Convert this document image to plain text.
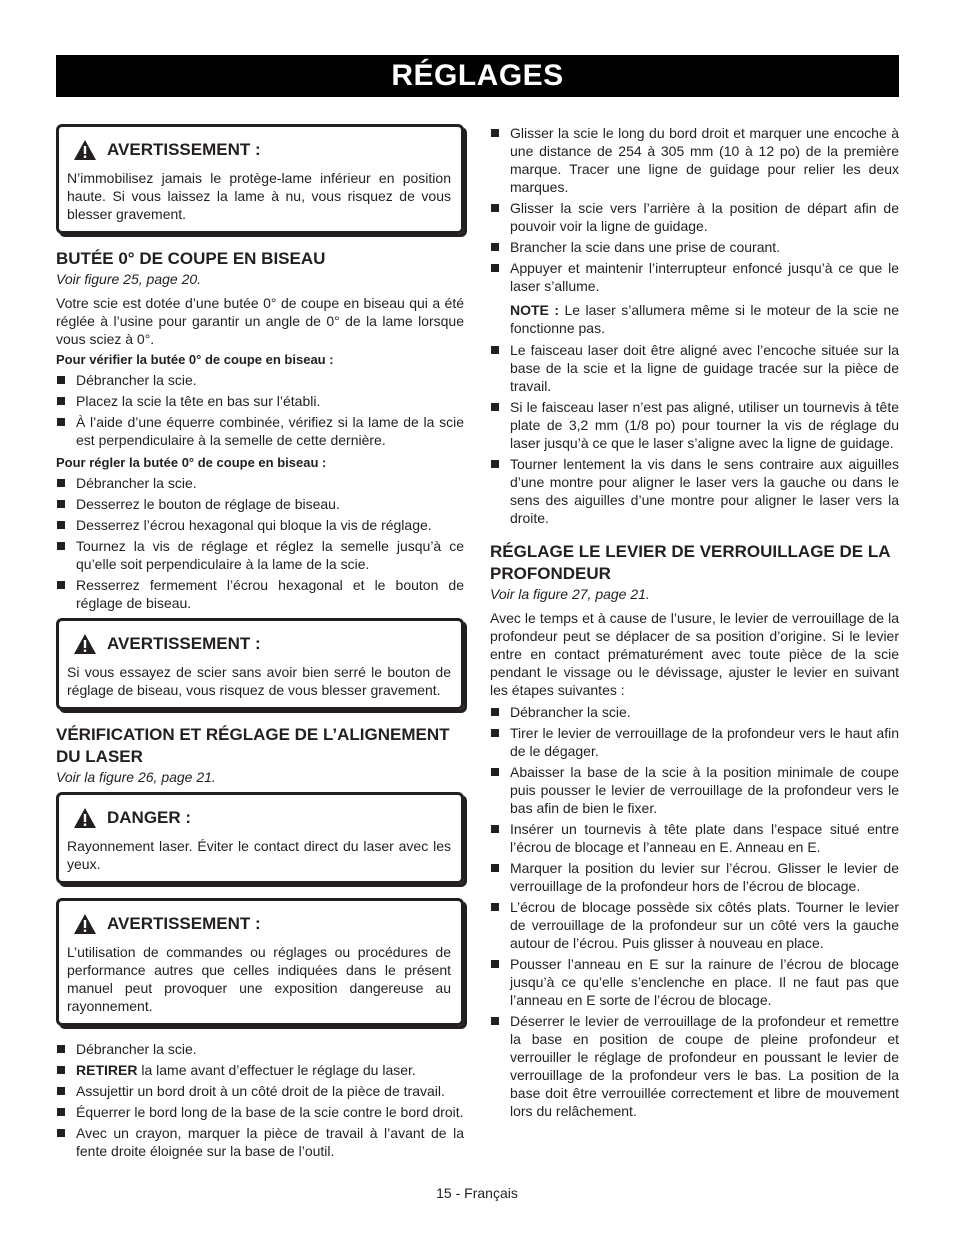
RÉGLAGES
AVERTISSEMENT :
N’immobilisez jamais le protège-lame inférieur en position haute. Si vous laissez la lame à nu, vous risquez de vous blesser gravement.
BUTÉE 0° DE COUPE EN BISEAU
Voir figure 25, page 20.

Votre scie est dotée d’une butée 0° de coupe en biseau qui a été réglée à l’usine pour garantir un angle de 0° de la lame lorsque vous sciez à 0°.

Pour vérifier la butée 0° de coupe en biseau :
Débrancher la scie.
Placez la scie la tête en bas sur l’établi.
À l’aide d’une équerre combinée, vérifiez si la lame de la scie est perpendiculaire à la semelle de cette dernière.
Pour régler la butée 0° de coupe en biseau :
Débrancher la scie.
Desserrez le bouton de réglage de biseau.
Desserrez l’écrou hexagonal qui bloque la vis de réglage.
Tournez la vis de réglage et réglez la semelle jusqu’à ce qu’elle soit perpendiculaire à la lame de la scie.
Resserrez fermement l’écrou hexagonal et le bouton de réglage de biseau.
AVERTISSEMENT :
Si vous essayez de scier sans avoir bien serré le bouton de réglage de biseau, vous risquez de vous blesser gravement.
VÉRIFICATION ET RÉGLAGE DE L’ALIGNEMENT DU LASER
Voir la figure 26, page 21.
DANGER :
Rayonnement laser. Éviter le contact direct du laser avec les yeux.
AVERTISSEMENT :
L’utilisation de commandes ou réglages ou procédures de performance autres que celles indiquées dans le présent manuel peut provoquer une exposition dangereuse au rayonnement.
Débrancher la scie.
RETIRER la lame avant d’effectuer le réglage du laser.
Assujettir un bord droit à un côté droit de la pièce de travail.
Équerrer le bord long de la base de la scie contre le bord droit.
Avec un crayon, marquer la pièce de travail à l’avant de la fente droite éloignée sur la base de l’outil.
Glisser la scie le long du bord droit et marquer une encoche à une distance de 254 à 305 mm (10 à 12 po) de la première marque. Tracer une ligne de guidage pour relier les deux marques.
Glisser la scie vers l’arrière à la position de départ afin de pouvoir voir la ligne de guidage.
Brancher la scie dans une prise de courant.
Appuyer et maintenir l’interrupteur enfoncé jusqu’à ce que le laser s’allume.
NOTE : Le laser s’allumera même si le moteur de la scie ne fonctionne pas.
Le faisceau laser doit être aligné avec l’encoche située sur la base de la scie et la ligne de guidage tracée sur la pièce de travail.
Si le faisceau laser n’est pas aligné, utiliser un tournevis à tête plate de 3,2 mm (1/8 po) pour tourner la vis de réglage du laser jusqu’à ce que le laser s’aligne avec la ligne de guidage.
Tourner lentement la vis dans le sens contraire aux aiguilles d’une montre pour aligner le laser vers la gauche ou dans le sens des aiguilles d’une montre pour aligner le laser vers la droite.
RÉGLAGE LE LEVIER DE VERROUILLAGE DE LA PROFONDEUR
Voir la figure 27, page 21.

Avec le temps et à cause de l’usure, le levier de verrouillage de la profondeur peut se déplacer de sa position d’origine. Si le levier entre en contact prématurément avec toute pièce de la scie pendant le vissage ou le dévissage, ajuster le levier en suivant les étapes suivantes :

Débrancher la scie.
Tirer le levier de verrouillage de la profondeur vers le haut afin de le dégager.
Abaisser la base de la scie à la position minimale de coupe puis pousser le levier de verrouillage de la profondeur vers le bas afin de bien le fixer.
Insérer un tournevis à tête plate dans l’espace situé entre l’écrou de blocage et l’anneau en E. Anneau en E.
Marquer la position du levier sur l’écrou. Glisser le levier de verrouillage de la profondeur hors de l’écrou de blocage.
L’écrou de blocage possède six côtés plats. Tourner le levier de verrouillage de la profondeur sur un côté vers la gauche autour de l’écrou. Puis glisser à nouveau en place.
Pousser l’anneau en E sur la rainure de l’écrou de blocage jusqu’à ce qu’elle s’enclenche en place. Il ne faut pas que l’anneau en E sorte de l’écrou de blocage.
Déserrer le levier de verrouillage de la profondeur et remettre la base en position de coupe de pleine profondeur et verrouiller le réglage de profondeur en poussant le levier de verrouillage de la profondeur vers le bas. La position de la base doit être verrouillée correctement et libre de mouvement lors du relâchement.
15 - Français
